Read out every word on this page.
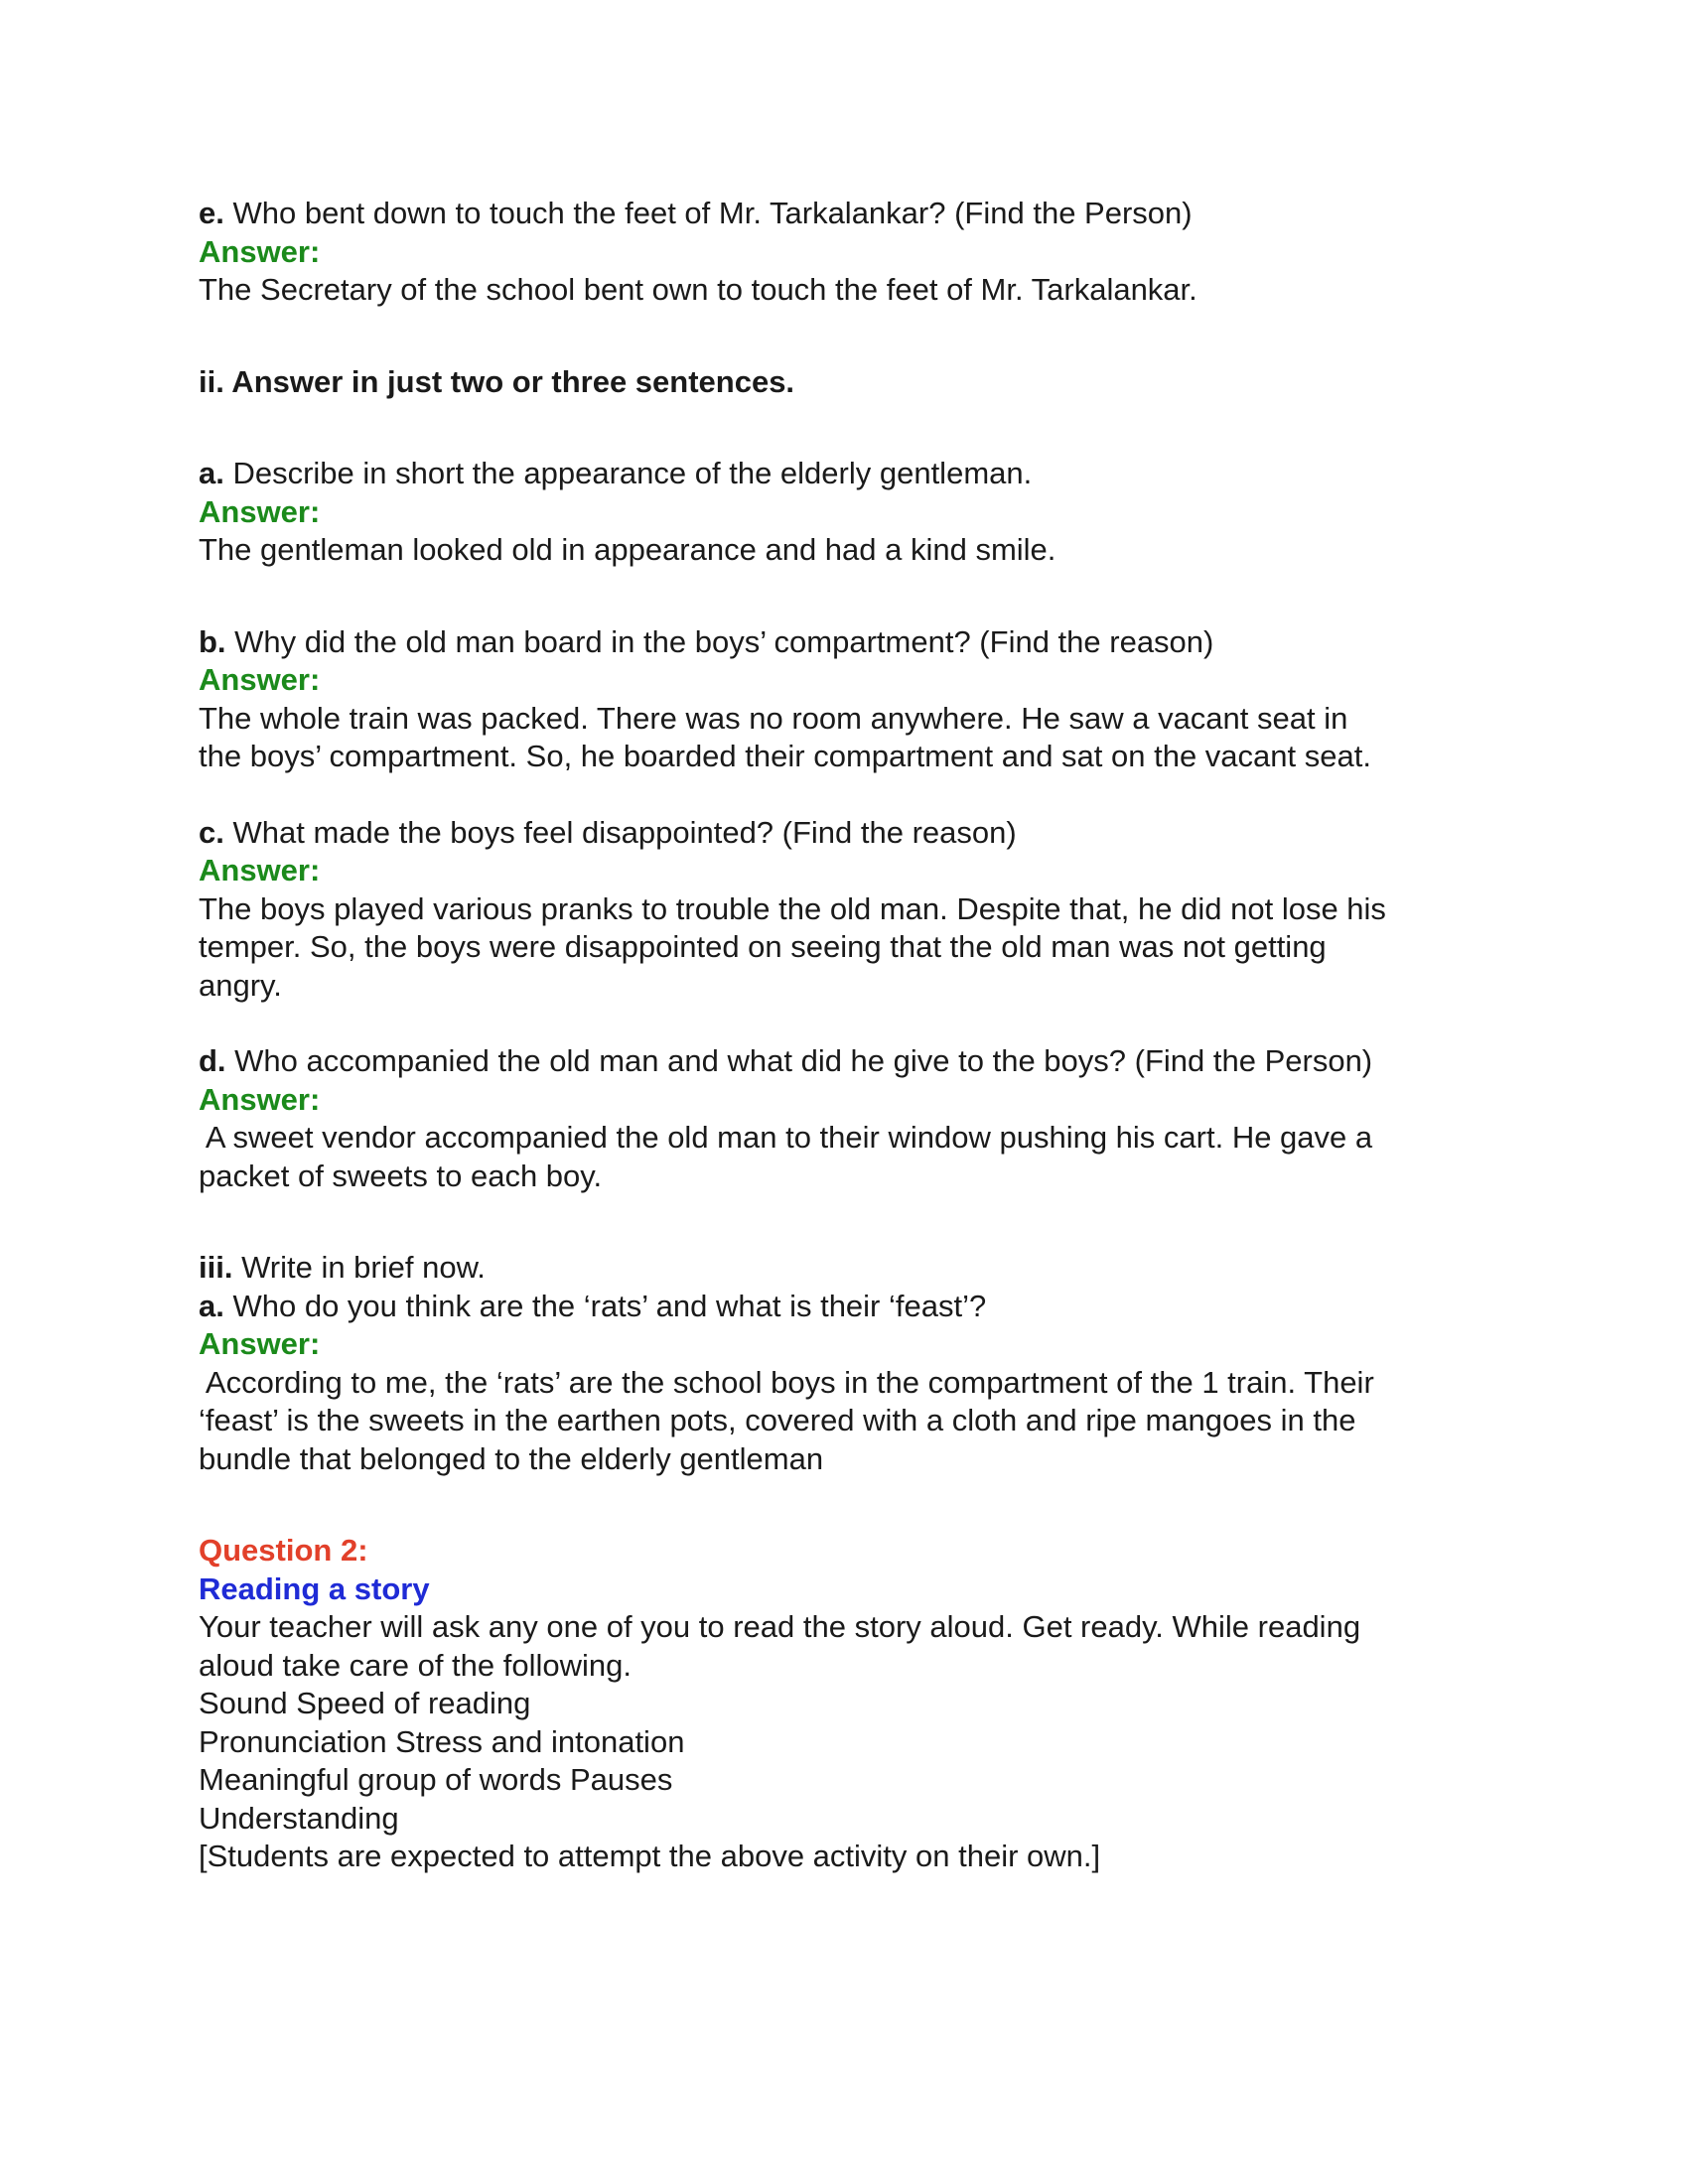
e. Who bent down to touch the feet of Mr. Tarkalankar? (Find the Person)

Answer:

The Secretary of the school bent own to touch the feet of Mr. Tarkalankar.

ii. Answer in just two or three sentences.

a. Describe in short the appearance of the elderly gentleman.

Answer:

The gentleman looked old in appearance and had a kind smile.

b. Why did the old man board in the boys’ compartment? (Find the reason)

Answer:

The whole train was packed. There was no room anywhere. He saw a vacant seat in

the boys’ compartment. So, he boarded their compartment and sat on the vacant seat.

c. What made the boys feel disappointed? (Find the reason)

Answer:

The boys played various pranks to trouble the old man. Despite that, he did not lose his

temper. So, the boys were disappointed on seeing that the old man was not getting

angry.

d. Who accompanied the old man and what did he give to the boys? (Find the Person)

Answer:

A sweet vendor accompanied the old man to their window pushing his cart. He gave a

packet of sweets to each boy.

iii. Write in brief now.

a. Who do you think are the ‘rats’ and what is their ‘feast’?

Answer:

According to me, the ‘rats’ are the school boys in the compartment of the 1 train. Their

‘feast’ is the sweets in the earthen pots, covered with a cloth and ripe mangoes in the

bundle that belonged to the elderly gentleman

Question 2:

Reading a story

Your teacher will ask any one of you to read the story aloud. Get ready. While reading

aloud take care of the following.

Sound Speed of reading

Pronunciation Stress and intonation

Meaningful group of words Pauses

Understanding

[Students are expected to attempt the above activity on their own.]
